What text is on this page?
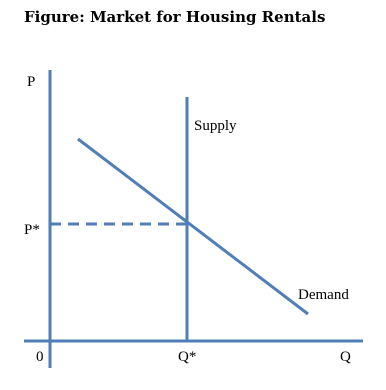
Figure: Market for Housing Rentals
P
Q
0
P*
Q*
Supply
Demand
